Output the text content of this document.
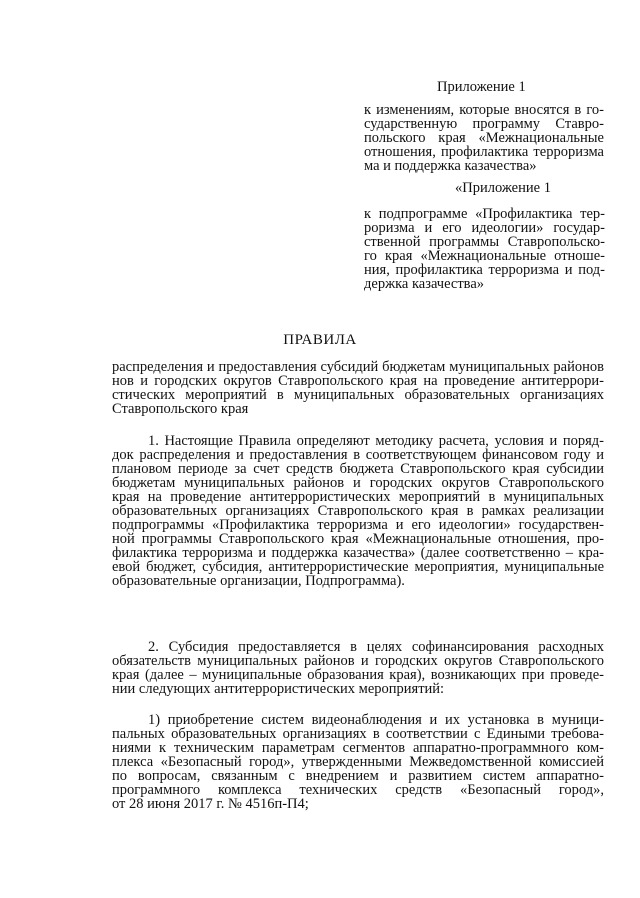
Приложение 1
к изменениям, которые вносятся в го-
сударственную программу Ставро-
польского края «Межнациональные
отношения, профилактика терроризма
ма и поддержка казачества»
«Приложение 1
к подпрограмме «Профилактика тер-
роризма и его идеологии» государ-
ственной программы Ставропольско-
го края «Межнациональные отноше-
ния, профилактика терроризма и под-
держка казачества»
ПРАВИЛА
распределения и предоставления субсидий бюджетам муниципальных районов
нов и городских округов Ставропольского края на проведение антитеррори-
стических мероприятий в муниципальных образовательных организациях
Ставропольского края
1. Настоящие Правила определяют методику расчета, условия и поряд-
док распределения и предоставления в соответствующем финансовом году и
плановом периоде за счет средств бюджета Ставропольского края субсидии
бюджетам муниципальных районов и городских округов Ставропольского
края на проведение антитеррористических мероприятий в муниципальных
образовательных организациях Ставропольского края в рамках реализации
подпрограммы «Профилактика терроризма и его идеологии» государствен-
ной программы Ставропольского края «Межнациональные отношения, про-
филактика терроризма и поддержка казачества» (далее соответственно – кра-
евой бюджет, субсидия, антитеррористические мероприятия, муниципальные
образовательные организации, Подпрограмма).
2. Субсидия предоставляется в целях софинансирования расходных
обязательств муниципальных районов и городских округов Ставропольского
края (далее – муниципальные образования края), возникающих при проведе-
нии следующих антитеррористических мероприятий:
1) приобретение систем видеонаблюдения и их установка в муници-
пальных образовательных организациях в соответствии с Едиными требова-
ниями к техническим параметрам сегментов аппаратно-программного ком-
плекса «Безопасный город», утвержденными Межведомственной комиссией
по вопросам, связанным с внедрением и развитием систем аппаратно-
программного комплекса технических средств «Безопасный город»,
от 28 июня 2017 г. № 4516п-П4;
